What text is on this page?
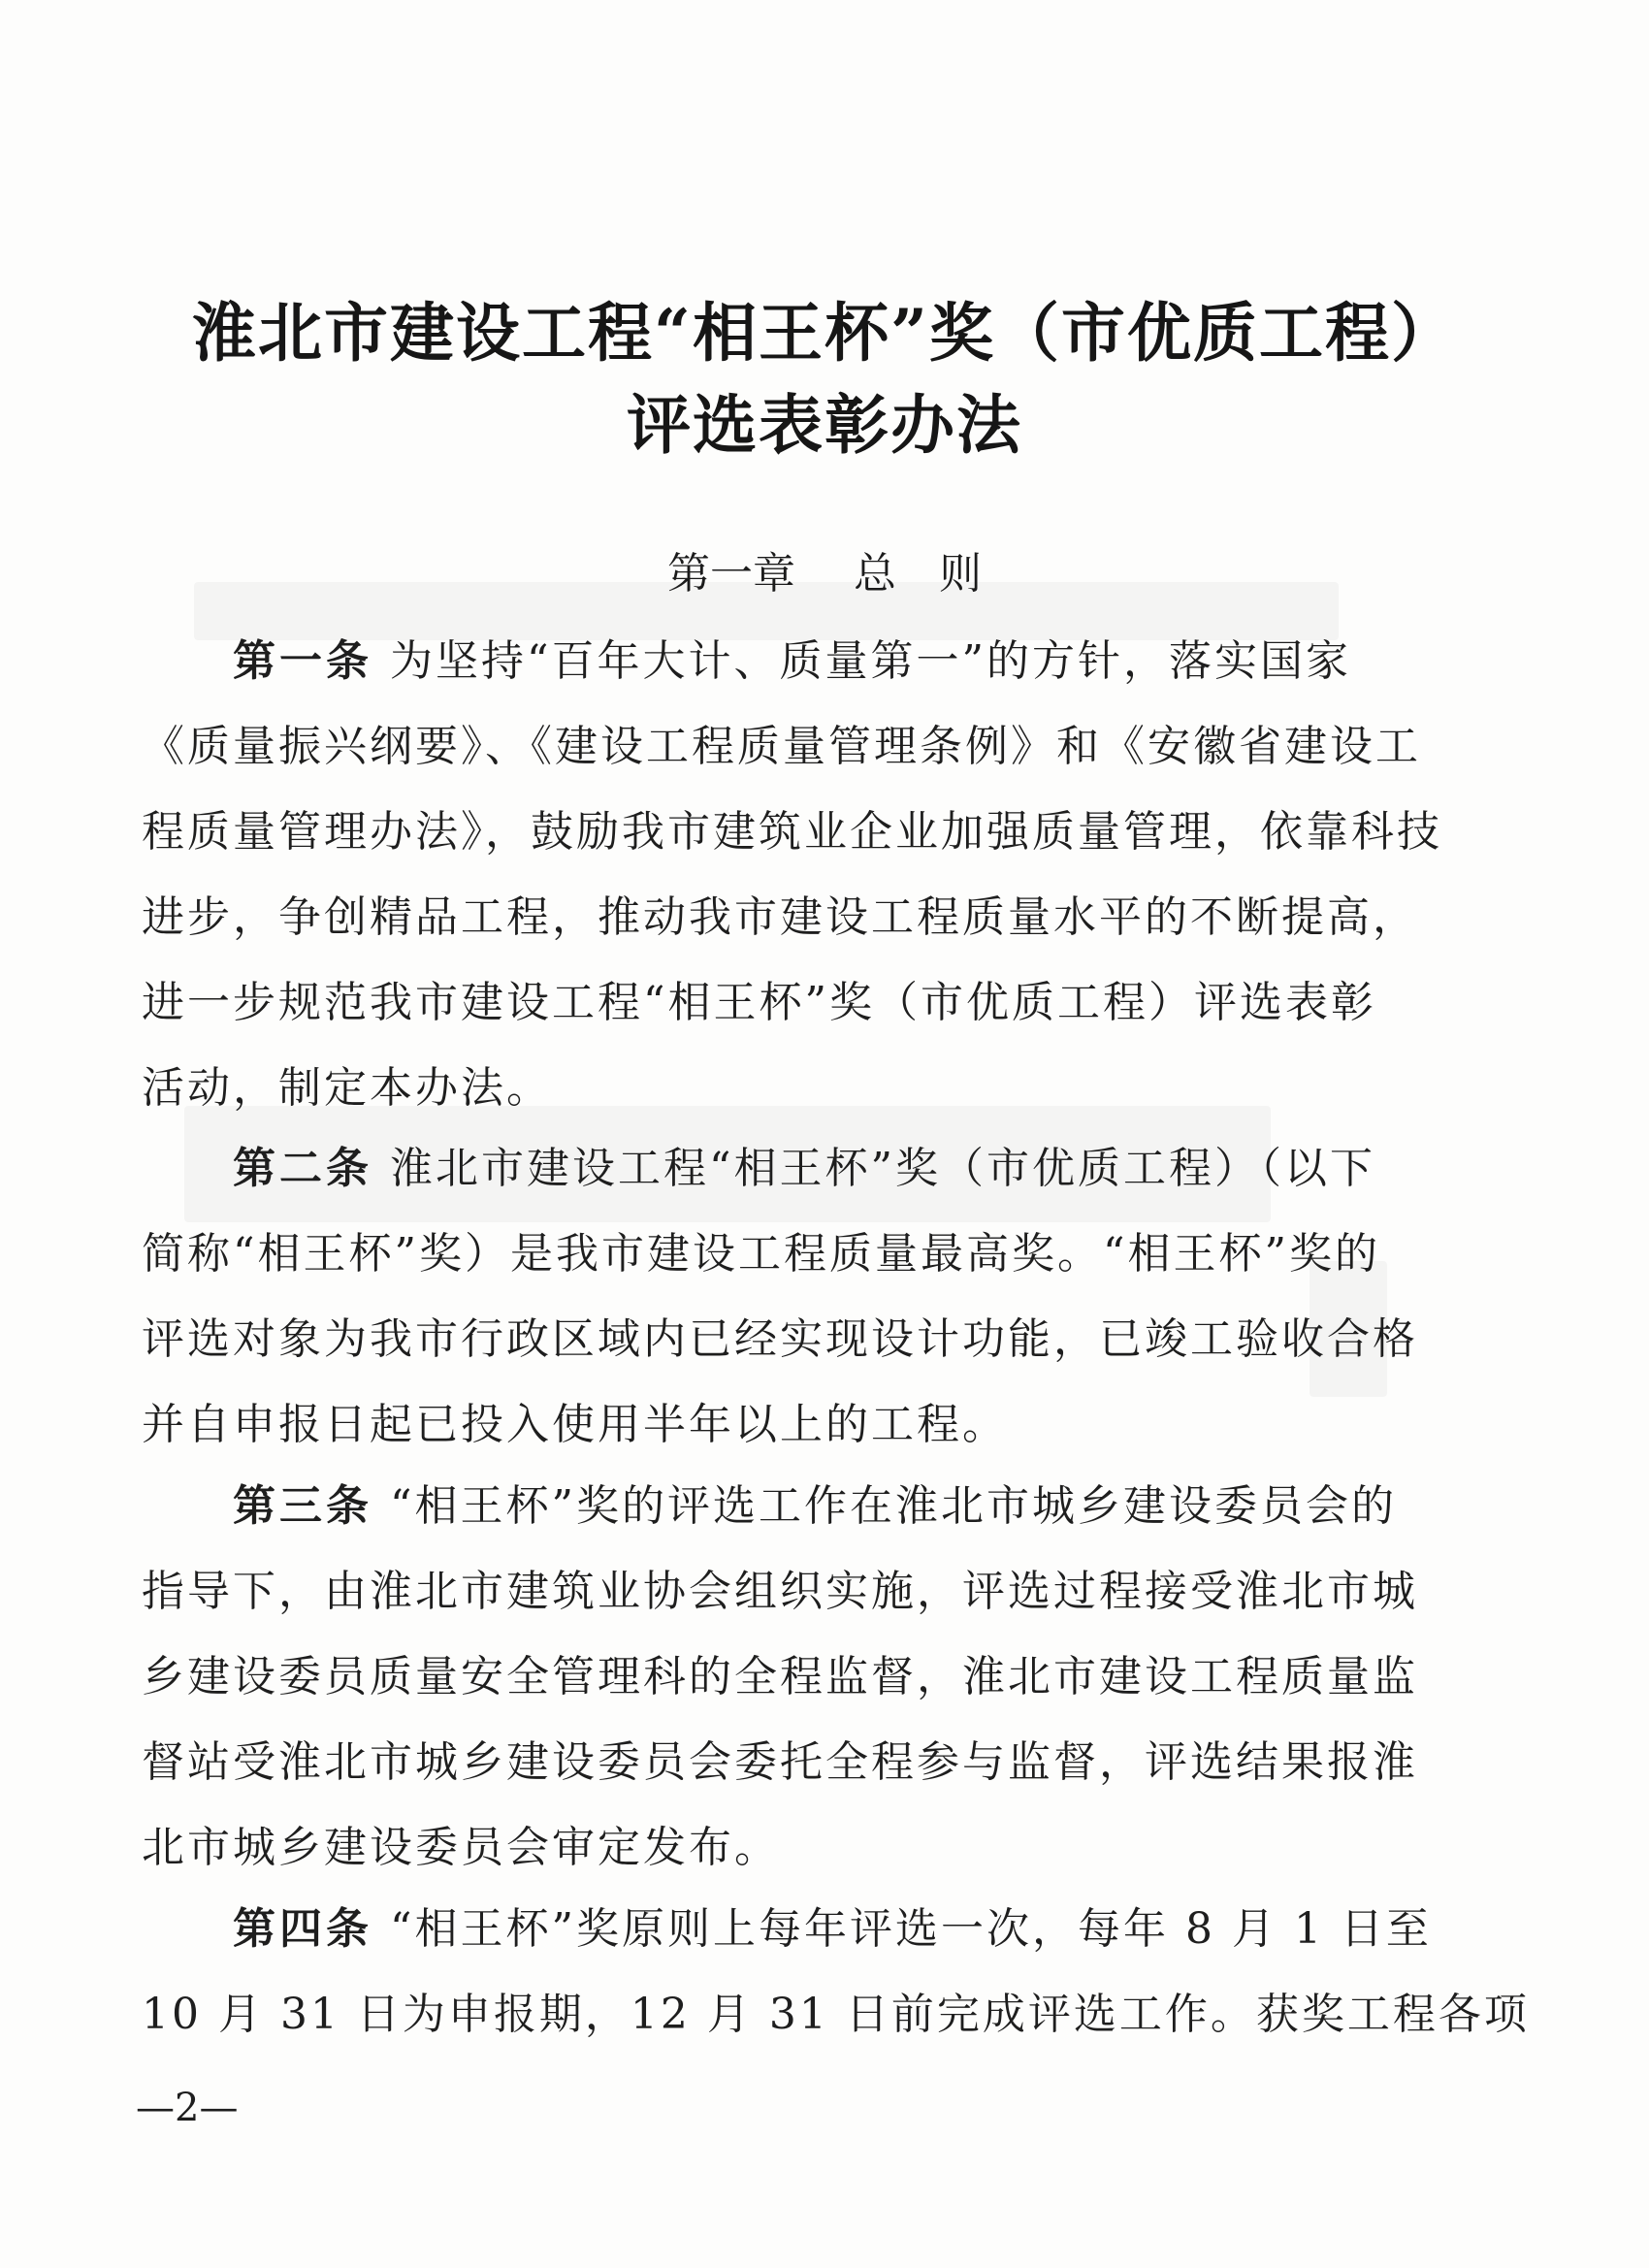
淮北市建设工程“相王杯”奖（市优质工程）
评选表彰办法
第一章 总　则
第一条 为坚持“百年大计、质量第一”的方针，落实国家
《质量振兴纲要》、《建设工程质量管理条例》和《安徽省建设工
程质量管理办法》，鼓励我市建筑业企业加强质量管理，依靠科技
进步，争创精品工程，推动我市建设工程质量水平的不断提高，
进一步规范我市建设工程“相王杯”奖（市优质工程）评选表彰
活动，制定本办法。
第二条 淮北市建设工程“相王杯”奖（市优质工程）（以下
简称“相王杯”奖）是我市建设工程质量最高奖。“相王杯”奖的
评选对象为我市行政区域内已经实现设计功能，已竣工验收合格
并自申报日起已投入使用半年以上的工程。
第三条 “相王杯”奖的评选工作在淮北市城乡建设委员会的
指导下，由淮北市建筑业协会组织实施，评选过程接受淮北市城
乡建设委员质量安全管理科的全程监督，淮北市建设工程质量监
督站受淮北市城乡建设委员会委托全程参与监督，评选结果报淮
北市城乡建设委员会审定发布。
第四条 “相王杯”奖原则上每年评选一次，每年 8 月 1 日至
10 月 31 日为申报期，12 月 31 日前完成评选工作。获奖工程各项
—2—
